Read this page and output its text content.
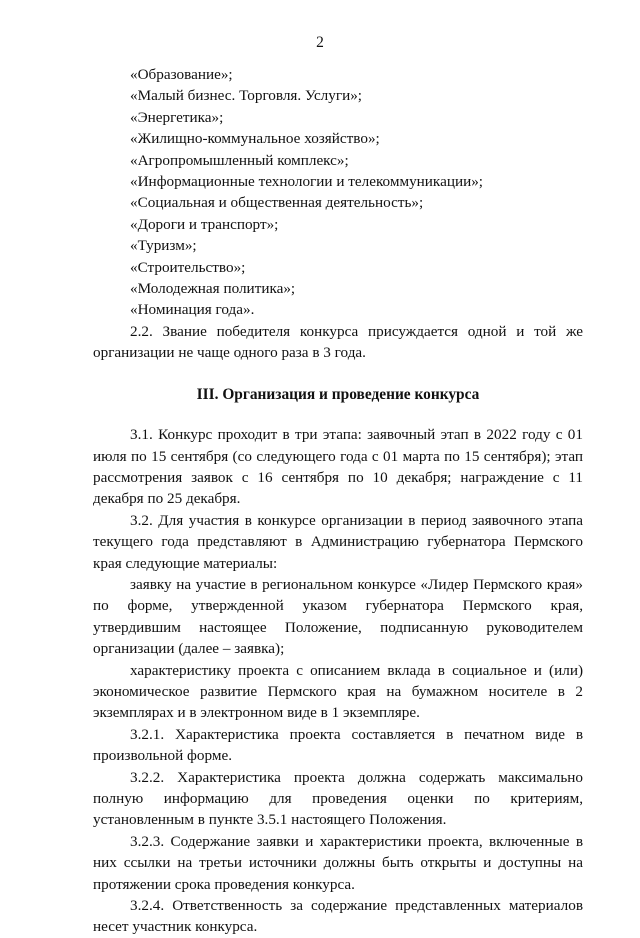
2
«Образование»;
«Малый бизнес. Торговля. Услуги»;
«Энергетика»;
«Жилищно-коммунальное хозяйство»;
«Агропромышленный комплекс»;
«Информационные технологии и телекоммуникации»;
«Социальная и общественная деятельность»;
«Дороги и транспорт»;
«Туризм»;
«Строительство»;
«Молодежная политика»;
«Номинация года».

2.2. Звание победителя конкурса присуждается одной и той же организации не чаще одного раза в 3 года.

III. Организация и проведение конкурса

3.1. Конкурс проходит в три этапа: заявочный этап в 2022 году с 01 июля по 15 сентября (со следующего года с 01 марта по 15 сентября); этап рассмотрения заявок с 16 сентября по 10 декабря; награждение с 11 декабря по 25 декабря.

3.2. Для участия в конкурсе организации в период заявочного этапа текущего года представляют в Администрацию губернатора Пермского края следующие материалы:

заявку на участие в региональном конкурсе «Лидер Пермского края» по форме, утвержденной указом губернатора Пермского края, утвердившим настоящее Положение, подписанную руководителем организации (далее – заявка);

характеристику проекта с описанием вклада в социальное и (или) экономическое развитие Пермского края на бумажном носителе в 2 экземплярах и в электронном виде в 1 экземпляре.

3.2.1. Характеристика проекта составляется в печатном виде в произвольной форме.

3.2.2. Характеристика проекта должна содержать максимально полную информацию для проведения оценки по критериям, установленным в пункте 3.5.1 настоящего Положения.

3.2.3. Содержание заявки и характеристики проекта, включенные в них ссылки на третьи источники должны быть открыты и доступны на протяжении срока проведения конкурса.

3.2.4. Ответственность за содержание представленных материалов несет участник конкурса.
